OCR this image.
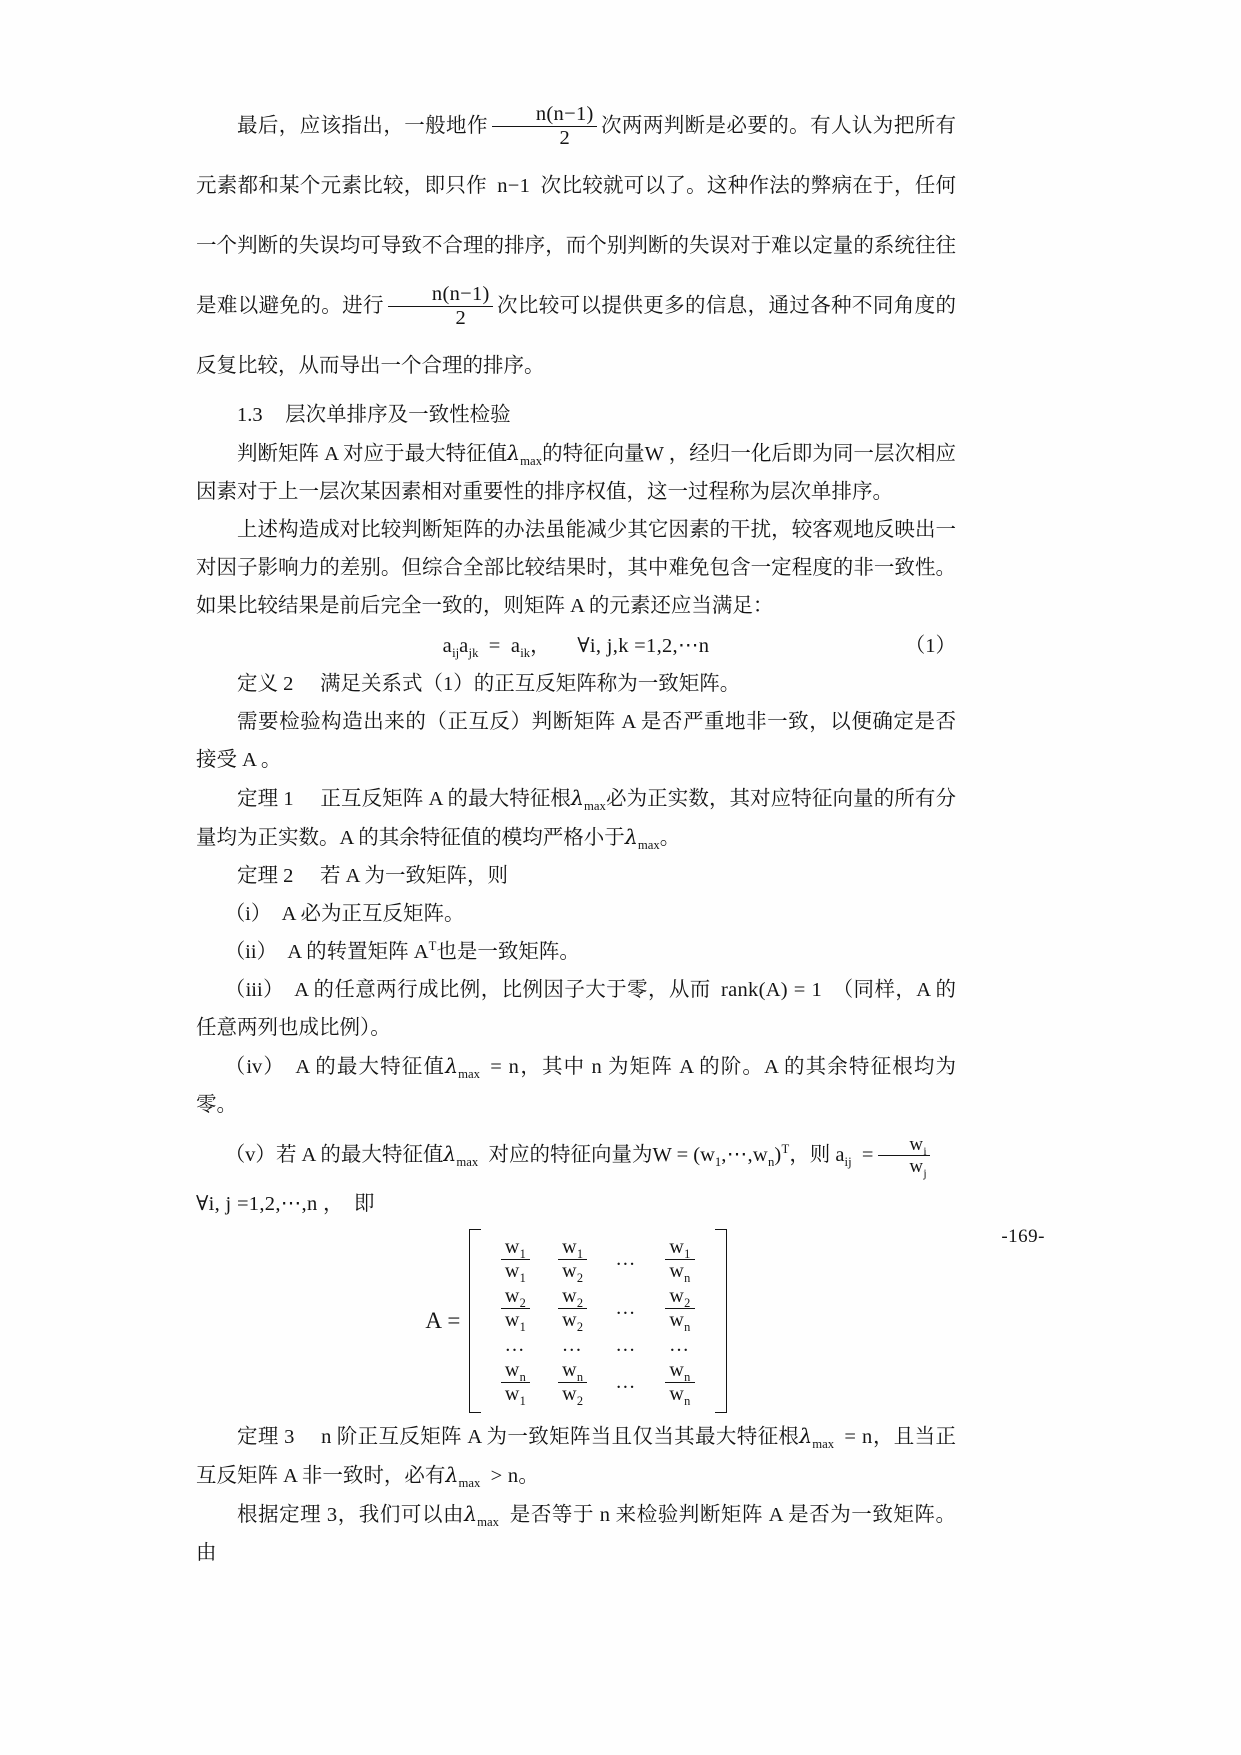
最后，应该指出，一般地作 $\frac{n(n-1)}{2}$ 次两两判断是必要的。有人认为把所有元素都和某个元素比较，即只作 n−1 次比较就可以了。这种作法的弊病在于，任何一个判断的失误均可导致不合理的排序，而个别判断的失误对于难以定量的系统往往是难以避免的。进行 $\frac{n(n-1)}{2}$ 次比较可以提供更多的信息，通过各种不同角度的反复比较，从而导出一个合理的排序。
1.3 层次单排序及一致性检验
判断矩阵 A 对应于最大特征值$\lambda_{max}$的特征向量W ，经归一化后即为同一层次相应因素对于上一层次某因素相对重要性的排序权值，这一过程称为层次单排序。
上述构造成对比较判断矩阵的办法虽能减少其它因素的干扰，较客观地反映出一对因子影响力的差别。但综合全部比较结果时，其中难免包含一定程度的非一致性。如果比较结果是前后完全一致的，则矩阵 A 的元素还应当满足：
$a_{ij}a_{jk} = a_{ik}$， ∀i, j,k =1,2,⋯n	（1）
定义 2 满足关系式（1）的正互反矩阵称为一致矩阵。
需要检验构造出来的（正互反）判断矩阵 A 是否严重地非一致，以便确定是否接受 A 。
定理 1 正互反矩阵 A 的最大特征根$\lambda_{max}$必为正实数，其对应特征向量的所有分量均为正实数。A 的其余特征值的模均严格小于$\lambda_{max}$。
定理 2 若 A 为一致矩阵，则
（i） A 必为正互反矩阵。
（ii） A 的转置矩阵 $A^T$也是一致矩阵。
（iii） A 的任意两行成比例，比例因子大于零，从而 rank(A) = 1 （同样，A 的任意两列也成比例）。
（iv） A 的最大特征值$\lambda_{max} = n$，其中 n 为矩阵 A 的阶。A 的其余特征根均为零。
（v）若 A 的最大特征值$\lambda_{max}$ 对应的特征向量为$W = (w_1,\cdots,w_n)^T$，则 $a_{ij} = \frac{w_i}{w_j}$
∀i, j =1,2,⋯,n ， 即
A =
$\frac{w_1}{w_1}$	$\frac{w_1}{w_2}$	…	$\frac{w_1}{w_n}$

$\frac{w_2}{w_1}$	$\frac{w_2}{w_2}$	…	$\frac{w_2}{w_n}$

…	…	…	…

$\frac{w_n}{w_1}$	$\frac{w_n}{w_2}$	…	$\frac{w_n}{w_n}$
定理 3 n 阶正互反矩阵 A 为一致矩阵当且仅当其最大特征根$\lambda_{max} = n$，且当正互反矩阵 A 非一致时，必有$\lambda_{max} > n$。
根据定理 3，我们可以由$\lambda_{max}$ 是否等于 n 来检验判断矩阵 A 是否为一致矩阵。由
-169-
